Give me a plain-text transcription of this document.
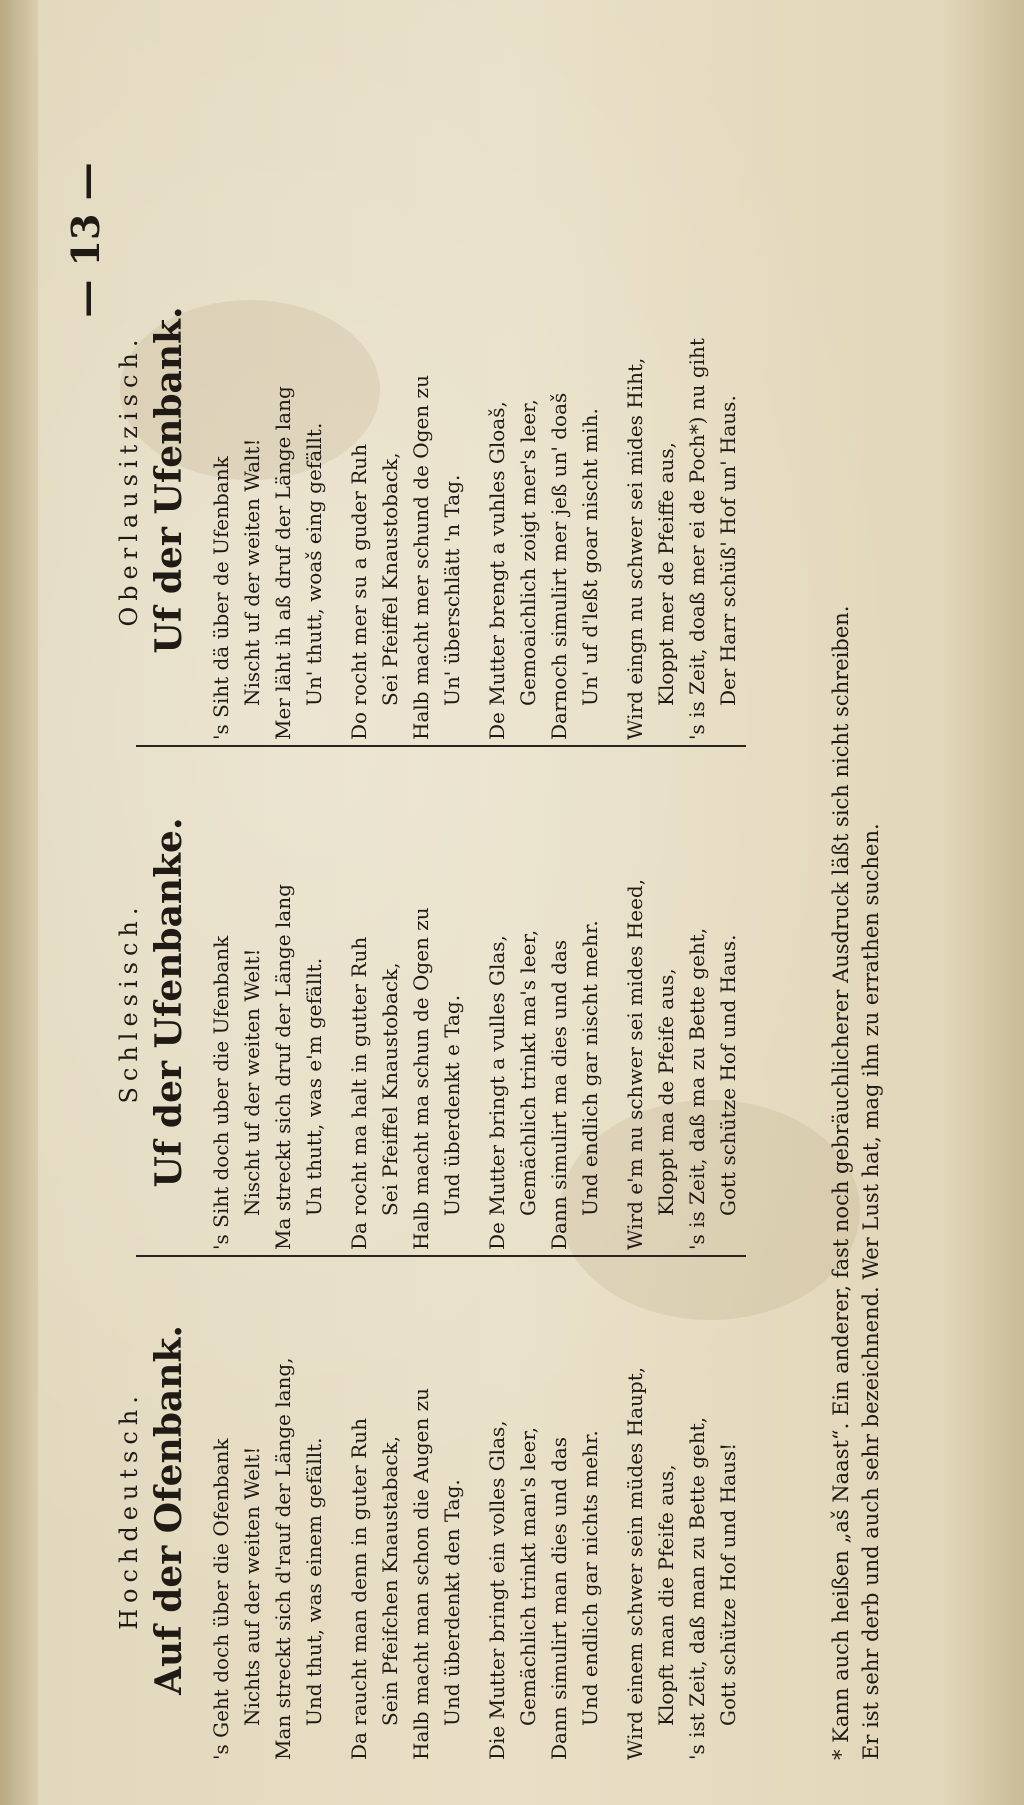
— 13 —
Hochdeutsch. Auf der Ofenbank. 's Geht doch über die Ofenbank Nichts auf der weiten Welt! Man streckt sich d'rauf der Länge lang, Und thut, was einem gefällt. Da raucht man denn in guter Ruh Sein Pfeifchen Knaustaback, Halb macht man schon die Augen zu Und überdenkt den Tag. Die Mutter bringt ein volles Glas, Gemächlich trinkt man's leer, Dann simulirt man dies und das Und endlich gar nichts mehr. Wird einem schwer sein müdes Haupt, Klopft man die Pfeife aus, 's ist Zeit, daß man zu Bette geht, Gott schütze Hof und Haus!
Schlesisch. Uf der Ufenbanke. 's Siht doch uber die Ufenbank Nischt uf der weiten Welt! Ma streckt sich druf der Länge lang Un thutt, was e'm gefällt. Da rocht ma halt in gutter Ruh Sei Pfeiffel Knaustoback, Halb macht ma schun de Ogen zu Und überdenkt e Tag. De Mutter bringt a vulles Glas, Gemächlich trinkt ma's leer, Dann simulirt ma dies und das Und endlich gar nischt mehr. Wird e'm nu schwer sei mides Heed, Kloppt ma de Pfeife aus, 's is Zeit, daß ma zu Bette geht, Gott schütze Hof und Haus.
Oberlausitzisch. Uf der Ufenbank. 's Siht dä über de Ufenbank Nischt uf der weiten Walt! Mer läht ih aß druf der Länge lang Un' thutt, woaš eing gefällt. Do rocht mer su a guder Ruh Sei Pfeiffel Knaustoback, Halb macht mer schund de Ogen zu Un' überschlätt 'n Tag. De Mutter brengt a vuhles Gloaš, Gemoaichlich zoigt mer's leer, Darnoch simulirt mer jeß un' doaš Un' uf d'leßt goar nischt mih. Wird eingn nu schwer sei mides Hiht, Kloppt mer de Pfeiffe aus, 's is Zeit, doaß mer ei de Poch*) nu giht Der Harr schüß' Hof un' Haus.
* Kann auch heißen „aš Naast“. Ein anderer, fast noch gebräuchlicherer Ausdruck läßt sich nicht schreiben. Er ist sehr derb und auch sehr bezeichnend. Wer Lust hat, mag ihn zu errathen suchen.
